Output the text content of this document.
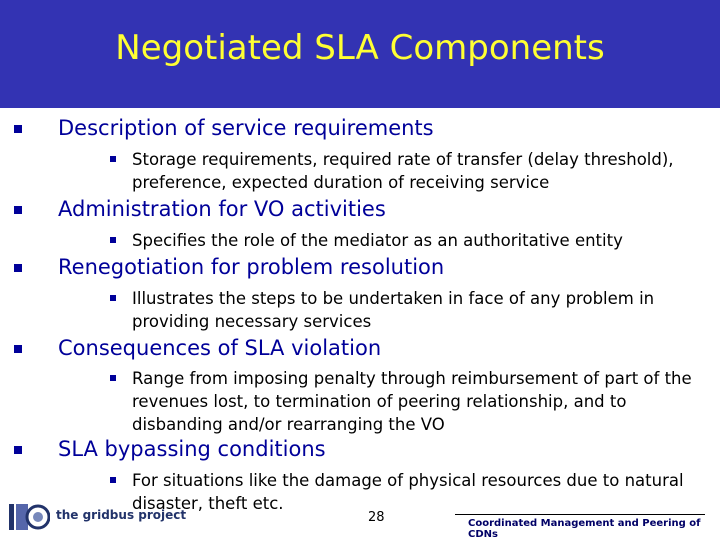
Negotiated SLA Components
Description of service requirements
Storage requirements, required rate of transfer (delay threshold), preference, expected duration of receiving service
Administration for VO activities
Specifies the role of the mediator as an authoritative entity
Renegotiation for problem resolution
Illustrates the steps to be undertaken in face of any problem in providing necessary services
Consequences of SLA violation
Range from imposing penalty through reimbursement of part of the revenues lost, to termination of peering relationship, and to disbanding and/or rearranging the VO
SLA bypassing conditions
For situations like the damage of physical resources due to natural disaster, theft etc.
the gridbus project	28	Coordinated Management and Peering of CDNs
